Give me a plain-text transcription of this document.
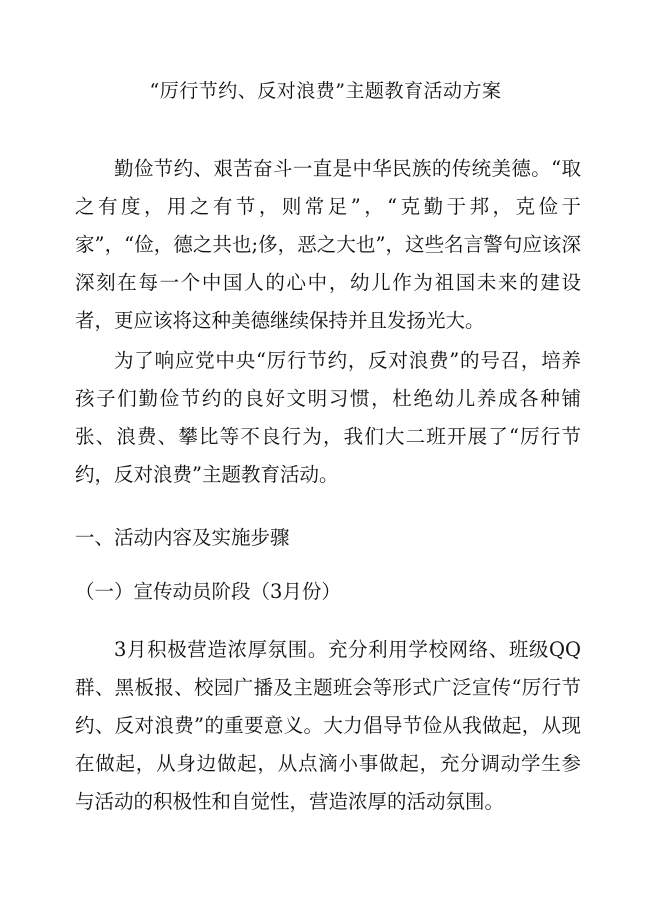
“厉行节约、反对浪费”主题教育活动方案

勤俭节约、艰苦奋斗一直是中华民族的传统美德。“取之有度，用之有节，则常足”，“克勤于邦，克俭于家”，“俭，德之共也;侈，恶之大也”，这些名言警句应该深深刻在每一个中国人的心中，幼儿作为祖国未来的建设者，更应该将这种美德继续保持并且发扬光大。

为了响应党中央“厉行节约，反对浪费”的号召，培养孩子们勤俭节约的良好文明习惯，杜绝幼儿养成各种铺张、浪费、攀比等不良行为，我们大二班开展了“厉行节约，反对浪费”主题教育活动。

一、活动内容及实施步骤
（一）宣传动员阶段（3月份）

3月积极营造浓厚氛围。充分利用学校网络、班级QQ群、黑板报、校园广播及主题班会等形式广泛宣传“厉行节约、反对浪费”的重要意义。大力倡导节俭从我做起，从现在做起，从身边做起，从点滴小事做起，充分调动学生参与活动的积极性和自觉性，营造浓厚的活动氛围。
